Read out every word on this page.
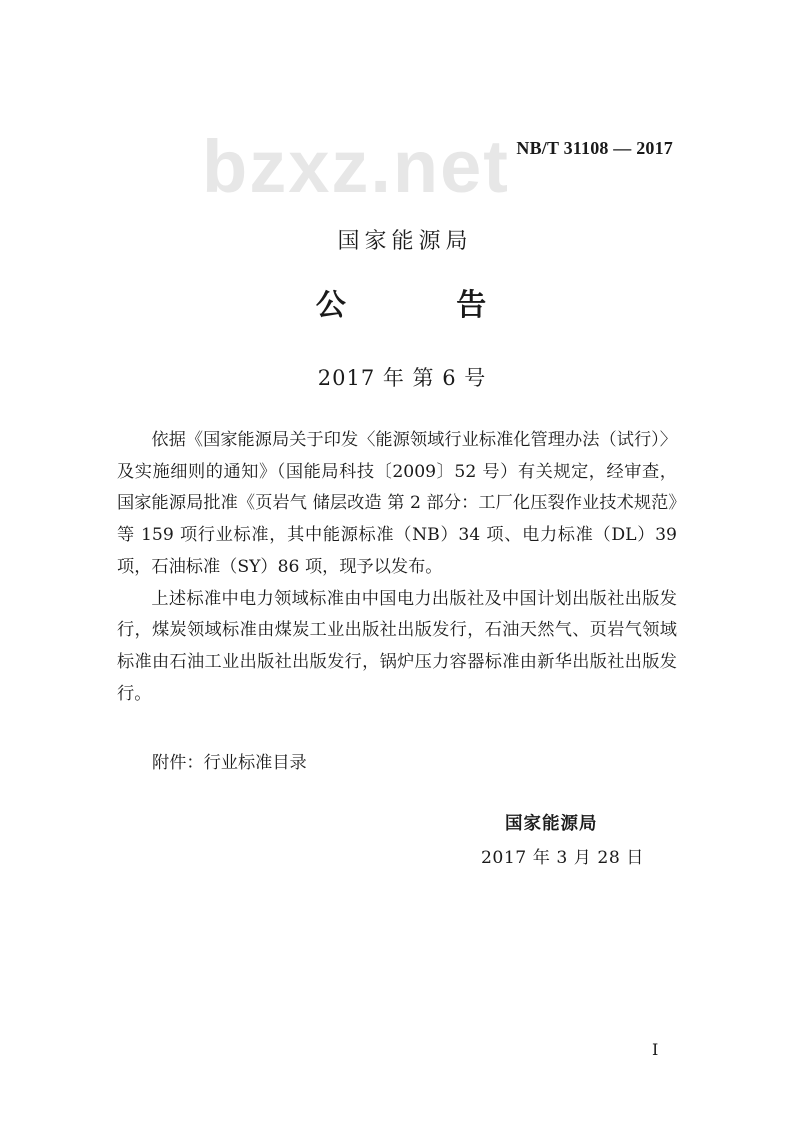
bzxz.net NB/T 31108 — 2017
国家能源局
公 告
2017 年 第 6 号

依据《国家能源局关于印发〈能源领域行业标准化管理办法（试行）〉及实施细则的通知》（国能局科技〔2009〕52 号）有关规定，经审查，国家能源局批准《页岩气 储层改造 第 2 部分：工厂化压裂作业技术规范》等 159 项行业标准，其中能源标准（NB）34 项、电力标准（DL）39 项，石油标准（SY）86 项，现予以发布。

上述标准中电力领域标准由中国电力出版社及中国计划出版社出版发行，煤炭领域标准由煤炭工业出版社出版发行，石油天然气、页岩气领域标准由石油工业出版社出版发行，锅炉压力容器标准由新华出版社出版发行。

附件：行业标准目录
国家能源局
2017 年 3 月 28 日
I
